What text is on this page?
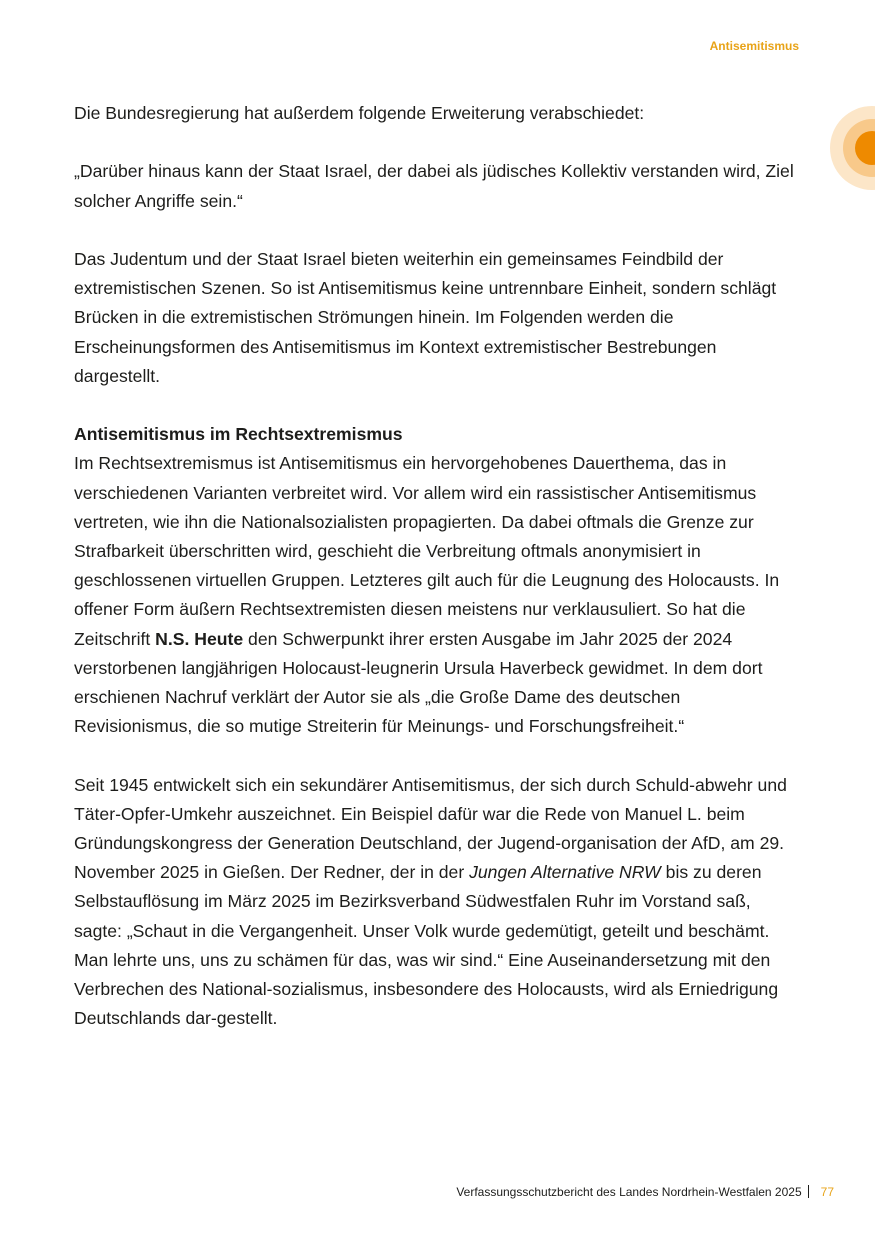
Antisemitismus

Die Bundesregierung hat außerdem folgende Erweiterung verabschiedet:

„Darüber hinaus kann der Staat Israel, der dabei als jüdisches Kollektiv verstanden wird, Ziel solcher Angriffe sein.“

Das Judentum und der Staat Israel bieten weiterhin ein gemeinsames Feindbild der extremistischen Szenen. So ist Antisemitismus keine untrennbare Einheit, sondern schlägt Brücken in die extremistischen Strömungen hinein. Im Folgenden werden die Erscheinungsformen des Antisemitismus im Kontext extremistischer Bestrebungen dargestellt.

Antisemitismus im Rechtsextremismus

Im Rechtsextremismus ist Antisemitismus ein hervorgehobenes Dauerthema, das in verschiedenen Varianten verbreitet wird. Vor allem wird ein rassistischer Antisemitismus vertreten, wie ihn die Nationalsozialisten propagierten. Da dabei oftmals die Grenze zur Strafbarkeit überschritten wird, geschieht die Verbreitung oftmals anonymisiert in geschlossenen virtuellen Gruppen. Letzteres gilt auch für die Leugnung des Holocausts. In offener Form äußern Rechtsextremisten diesen meistens nur verklausuliert. So hat die Zeitschrift N.S. Heute den Schwerpunkt ihrer ersten Ausgabe im Jahr 2025 der 2024 verstorbenen langjährigen Holocaust-leugnerin Ursula Haverbeck gewidmet. In dem dort erschienen Nachruf verklärt der Autor sie als „die Große Dame des deutschen Revisionismus, die so mutige Streiterin für Meinungs- und Forschungsfreiheit.“

Seit 1945 entwickelt sich ein sekundärer Antisemitismus, der sich durch Schuld-abwehr und Täter-Opfer-Umkehr auszeichnet. Ein Beispiel dafür war die Rede von Manuel L. beim Gründungskongress der Generation Deutschland, der Jugend-organisation der AfD, am 29. November 2025 in Gießen. Der Redner, der in der Jungen Alternative NRW bis zu deren Selbstauflösung im März 2025 im Bezirksverband Südwestfalen Ruhr im Vorstand saß, sagte: „Schaut in die Vergangenheit. Unser Volk wurde gedemütigt, geteilt und beschämt. Man lehrte uns, uns zu schämen für das, was wir sind.“ Eine Auseinandersetzung mit den Verbrechen des National-sozialismus, insbesondere des Holocausts, wird als Erniedrigung Deutschlands dar-gestellt.

Verfassungsschutzbericht des Landes Nordrhein-Westfalen 2025 77
